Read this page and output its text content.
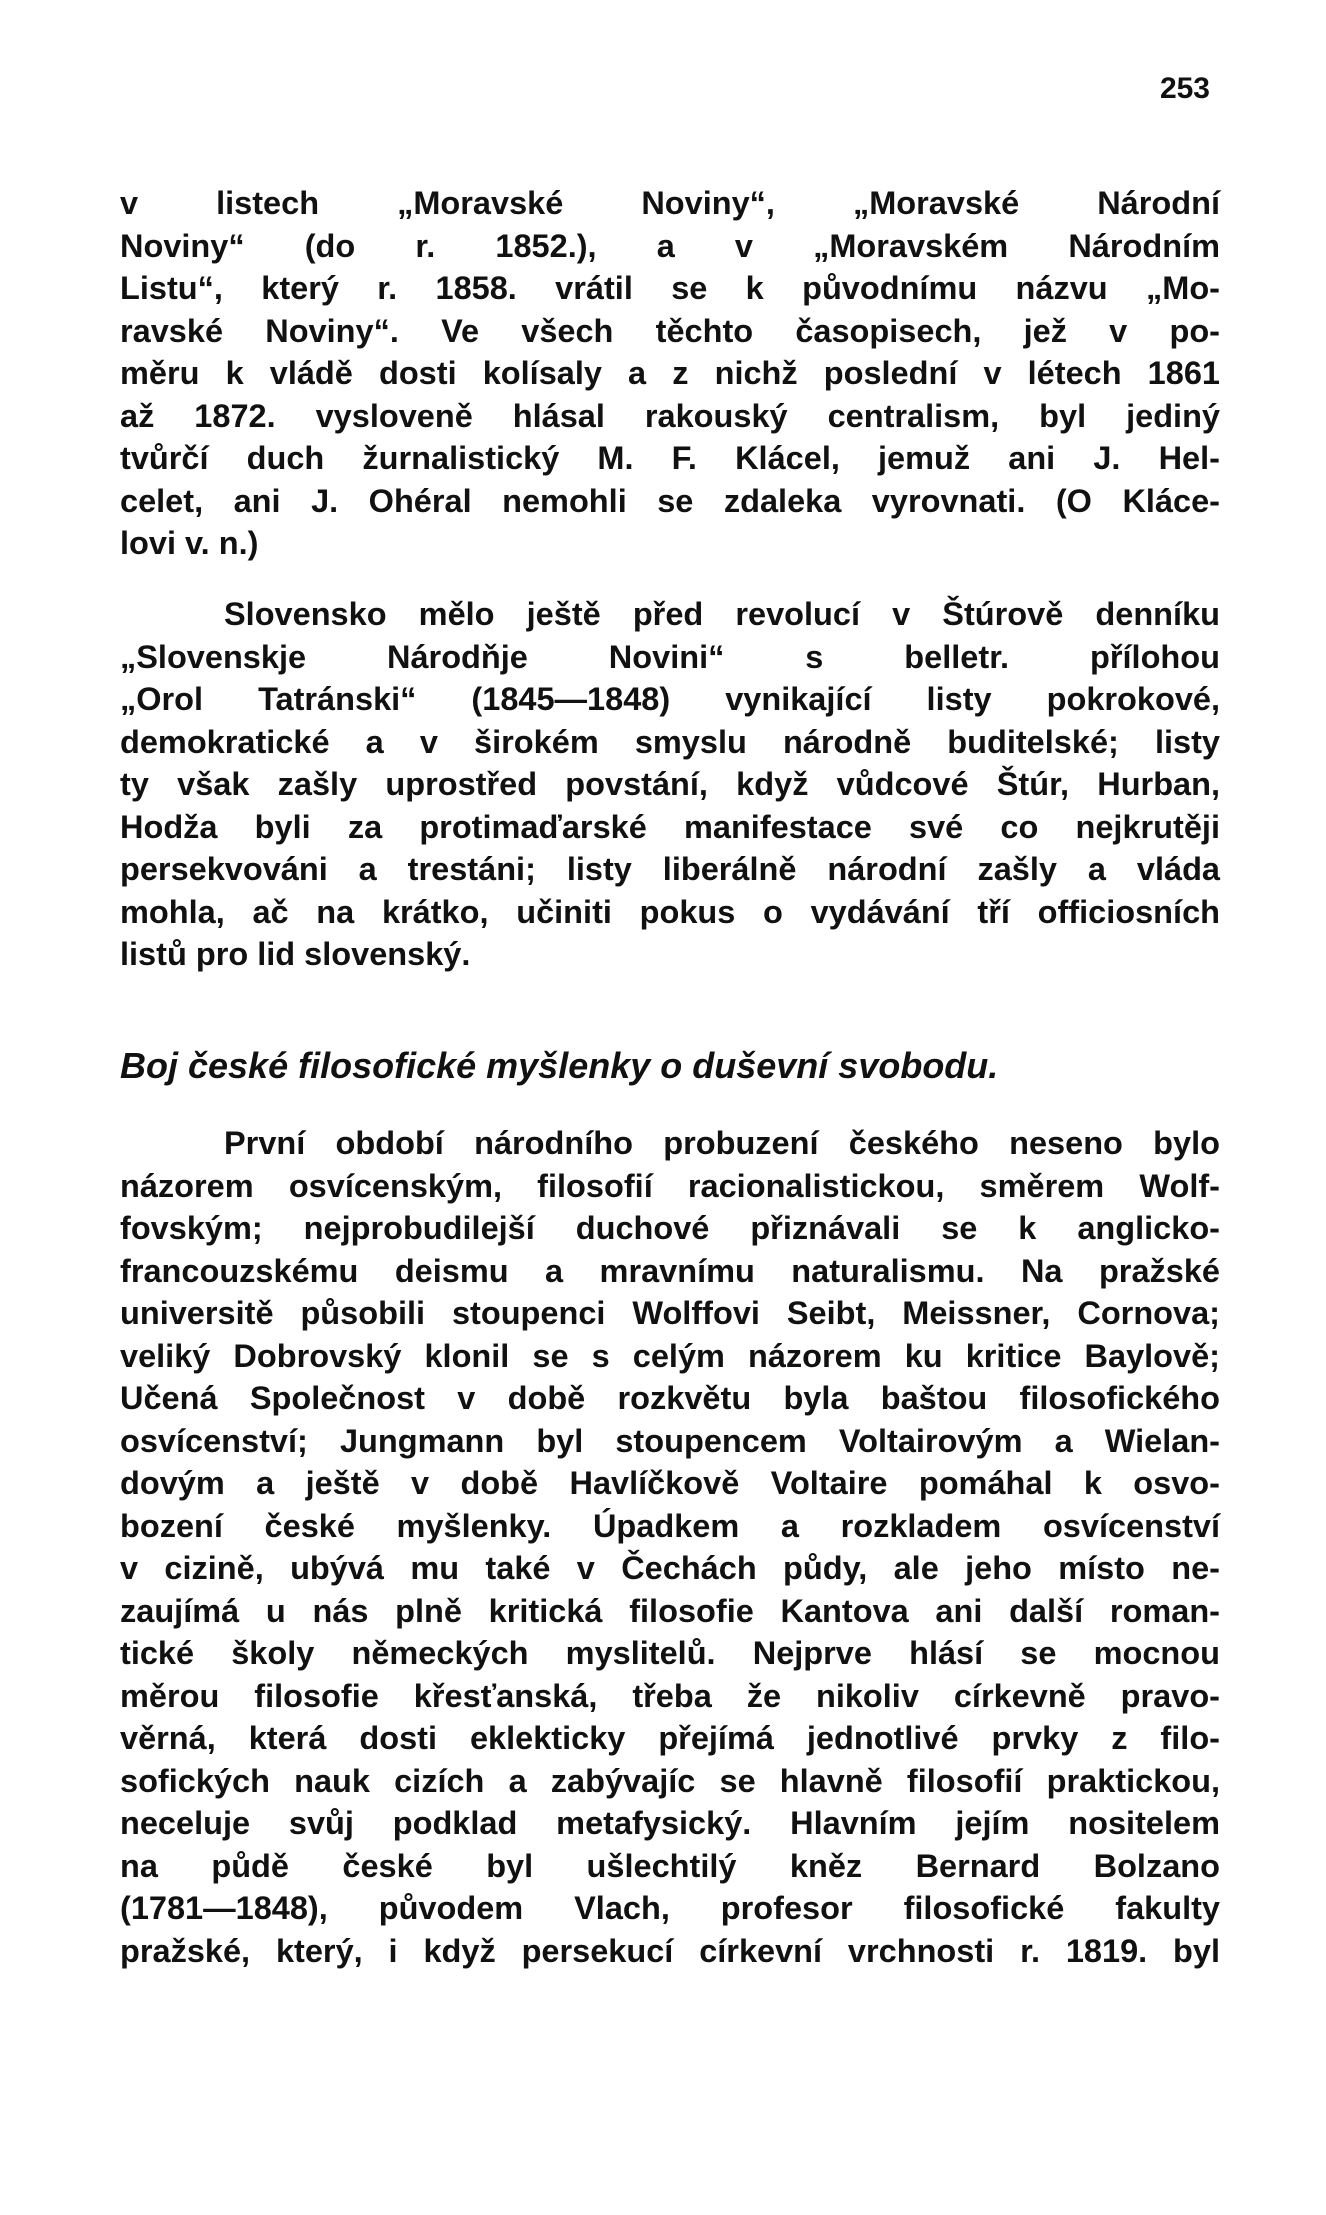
253

v listech „Moravské Noviny“, „Moravské Národní
Noviny“ (do r. 1852.), a v „Moravském Národním
Listu“, který r. 1858. vrátil se k původnímu názvu „Mo-
ravské Noviny“. Ve všech těchto časopisech, jež v po-
měru k vládě dosti kolísaly a z nichž poslední v létech 1861
až 1872. vysloveně hlásal rakouský centralism, byl jediný
tvůrčí duch žurnalistický M. F. Klácel, jemuž ani J. Hel-
celet, ani J. Ohéral nemohli se zdaleka vyrovnati. (O Klácе-
lovi v. n.)

Slovensko mělo ještě před revolucí v Štúrově denníku
„Slovenskje Národňje Novini“ s belletr. přílohou
„Orol Tatránski“ (1845—1848) vynikající listy pokrokové,
demokratické a v širokém smyslu národně buditelské; listy
ty však zašly uprostřed povstání, když vůdcové Štúr, Hurban,
Hodža byli za protimaďarské manifestace své co nejkrutěji
persekvováni a trestáni; listy liberálně národní zašly a vláda
mohla, ač na krátko, učiniti pokus o vydávání tří officiosních
listů pro lid slovenský.

Boj české filosofické myšlenky o duševní svobodu.

První období národního probuzení českého neseno bylo
názorem osvícenským, filosofií racionalistickou, směrem Wolf-
fovským; nejprobudilejší duchové přiznávali se k anglicko-
francouzskému deismu a mravnímu naturalismu. Na pražské
universitě působili stoupenci Wolffovi Seibt, Meissner, Cornova;
veliký Dobrovský klonil se s celým názorem ku kritice Baylově;
Učená Společnost v době rozkvětu byla baštou filosofického
osvícenství; Jungmann byl stoupencem Voltairovým a Wielan-
dovým a ještě v době Havlíčkově Voltaire pomáhal k osvo-
bození české myšlenky. Úpadkem a rozkladem osvícenství
v cizině, ubývá mu také v Čechách půdy, ale jeho místo ne-
zaujímá u nás plně kritická filosofie Kantova ani další roman-
tické školy německých myslitelů. Nejprve hlásí se mocnou
měrou filosofie křesťanská, třeba že nikoliv církevně pravo-
věrná, která dosti eklekticky přejímá jednotlivé prvky z filo-
sofických nauk cizích a zabývajíc se hlavně filosofií praktickou,
neceluje svůj podklad metafysický. Hlavním jejím nositelem
na půdě české byl ušlechtilý kněz Bernard Bolzano
(1781—1848), původem Vlach, profesor filosofické fakulty
pražské, který, i když persekucí církevní vrchnosti r. 1819. byl
